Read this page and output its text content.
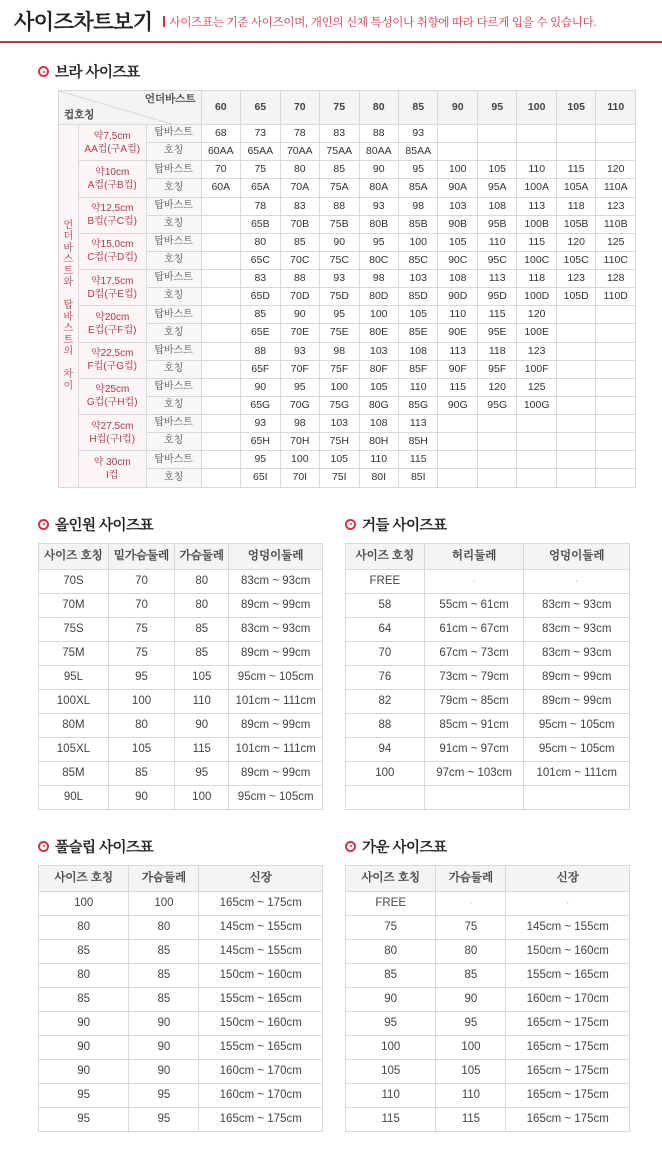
사이즈차트보기	사이즈표는 기준 사이즈이며, 개인의 신체 특성이나 취향에 따라 다르게 입을 수 있습니다.
브라 사이즈표
언더바스트
컵호칭			60	65	70	75	80	85	90	95	100	105	110
언
더
바
스
트
와

탑
바
스
트
의

차
이	약7,5cm
AA컵(구A컵)	탑바스트	68	73	78	83	88	93					
		호칭	60AA	65AA	70AA	75AA	80AA	85AA					
	약10cm
A컵(구B컵)	탑바스트	70	75	80	85	90	95	100	105	110	115	120
		호칭	60A	65A	70A	75A	80A	85A	90A	95A	100A	105A	110A
	약12,5cm
B컵(구C컵)	탑바스트		78	83	88	93	98	103	108	113	118	123
		호칭		65B	70B	75B	80B	85B	90B	95B	100B	105B	110B
	약15,0cm
C컵(구D컵)	탑바스트		80	85	90	95	100	105	110	115	120	125
		호칭		65C	70C	75C	80C	85C	90C	95C	100C	105C	110C
	약17,5cm
D컵(구E컵)	탑바스트		83	88	93	98	103	108	113	118	123	128
		호칭		65D	70D	75D	80D	85D	90D	95D	100D	105D	110D
	약20cm
E컵(구F컵)	탑바스트		85	90	95	100	105	110	115	120		
		호칭		65E	70E	75E	80E	85E	90E	95E	100E		
	약22,5cm
F컵(구G컵)	탑바스트		88	93	98	103	108	113	118	123		
		호칭		65F	70F	75F	80F	85F	90F	95F	100F		
	약25cm
G컵(구H컵)	탑바스트		90	95	100	105	110	115	120	125		
		호칭		65G	70G	75G	80G	85G	90G	95G	100G		
	약27,5cm
H컵(구I컵)	탑바스트		93	98	103	108	113					
		호칭		65H	70H	75H	80H	85H					
	약 30cm
I컵	탑바스트		95	100	105	110	115					
		호칭		65I	70I	75I	80I	85I					
올인원 사이즈표
사이즈 호칭	밑가슴둘레	가슴둘레	엉덩이둘레
70S	70	80	83cm ~ 93cm
70M	70	80	89cm ~ 99cm
75S	75	85	83cm ~ 93cm
75M	75	85	89cm ~ 99cm
95L	95	105	95cm ~ 105cm
100XL	100	110	101cm ~ 111cm
80M	80	90	89cm ~ 99cm
105XL	105	115	101cm ~ 111cm
85M	85	95	89cm ~ 99cm
90L	90	100	95cm ~ 105cm
거들 사이즈표
사이즈 호칭	허리둘레	엉덩이둘레
FREE	·	·
58	55cm ~ 61cm	83cm ~ 93cm
64	61cm ~ 67cm	83cm ~ 93cm
70	67cm ~ 73cm	83cm ~ 93cm
76	73cm ~ 79cm	89cm ~ 99cm
82	79cm ~ 85cm	89cm ~ 99cm
88	85cm ~ 91cm	95cm ~ 105cm
94	91cm ~ 97cm	95cm ~ 105cm
100	97cm ~ 103cm	101cm ~ 111cm

풀슬립 사이즈표
사이즈 호칭	가슴둘레	신장
100	100	165cm ~ 175cm
80	80	145cm ~ 155cm
85	85	145cm ~ 155cm
80	85	150cm ~ 160cm
85	85	155cm ~ 165cm
90	90	150cm ~ 160cm
90	90	155cm ~ 165cm
90	90	160cm ~ 170cm
95	95	160cm ~ 170cm
95	95	165cm ~ 175cm
가운 사이즈표
사이즈 호칭	가슴둘레	신장
FREE	·	·
75	75	145cm ~ 155cm
80	80	150cm ~ 160cm
85	85	155cm ~ 165cm
90	90	160cm ~ 170cm
95	95	165cm ~ 175cm
100	100	165cm ~ 175cm
105	105	165cm ~ 175cm
110	110	165cm ~ 175cm
115	115	165cm ~ 175cm
